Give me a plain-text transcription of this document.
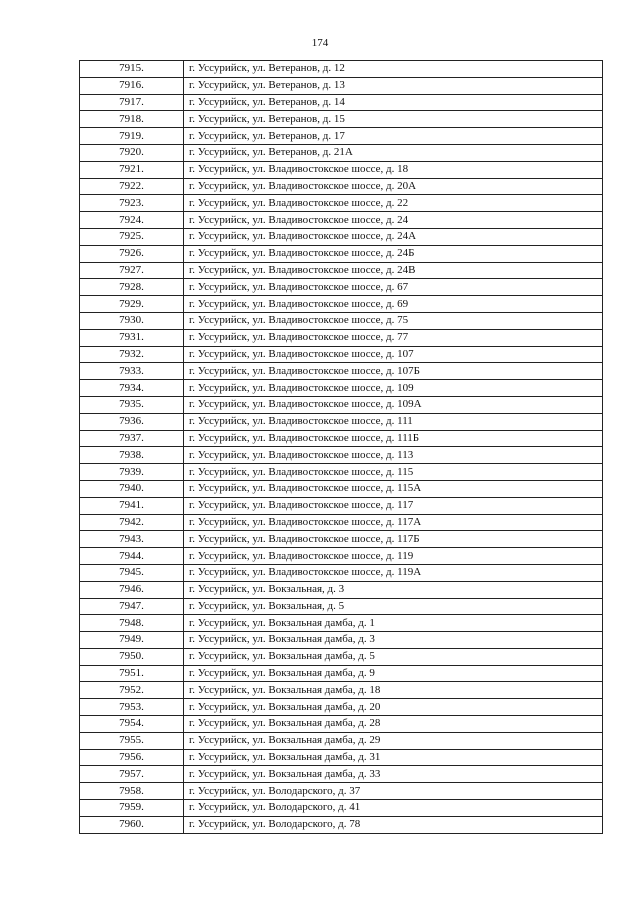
174
7915.	г. Уссурийск, ул. Ветеранов, д. 12
7916.	г. Уссурийск, ул. Ветеранов, д. 13
7917.	г. Уссурийск, ул. Ветеранов, д. 14
7918.	г. Уссурийск, ул. Ветеранов, д. 15
7919.	г. Уссурийск, ул. Ветеранов, д. 17
7920.	г. Уссурийск, ул. Ветеранов, д. 21А
7921.	г. Уссурийск, ул. Владивостокское шоссе, д. 18
7922.	г. Уссурийск, ул. Владивостокское шоссе, д. 20А
7923.	г. Уссурийск, ул. Владивостокское шоссе, д. 22
7924.	г. Уссурийск, ул. Владивостокское шоссе, д. 24
7925.	г. Уссурийск, ул. Владивостокское шоссе, д. 24А
7926.	г. Уссурийск, ул. Владивостокское шоссе, д. 24Б
7927.	г. Уссурийск, ул. Владивостокское шоссе, д. 24В
7928.	г. Уссурийск, ул. Владивостокское шоссе, д. 67
7929.	г. Уссурийск, ул. Владивостокское шоссе, д. 69
7930.	г. Уссурийск, ул. Владивостокское шоссе, д. 75
7931.	г. Уссурийск, ул. Владивостокское шоссе, д. 77
7932.	г. Уссурийск, ул. Владивостокское шоссе, д. 107
7933.	г. Уссурийск, ул. Владивостокское шоссе, д. 107Б
7934.	г. Уссурийск, ул. Владивостокское шоссе, д. 109
7935.	г. Уссурийск, ул. Владивостокское шоссе, д. 109А
7936.	г. Уссурийск, ул. Владивостокское шоссе, д. 111
7937.	г. Уссурийск, ул. Владивостокское шоссе, д. 111Б
7938.	г. Уссурийск, ул. Владивостокское шоссе, д. 113
7939.	г. Уссурийск, ул. Владивостокское шоссе, д. 115
7940.	г. Уссурийск, ул. Владивостокское шоссе, д. 115А
7941.	г. Уссурийск, ул. Владивостокское шоссе, д. 117
7942.	г. Уссурийск, ул. Владивостокское шоссе, д. 117А
7943.	г. Уссурийск, ул. Владивостокское шоссе, д. 117Б
7944.	г. Уссурийск, ул. Владивостокское шоссе, д. 119
7945.	г. Уссурийск, ул. Владивостокское шоссе, д. 119А
7946.	г. Уссурийск, ул. Вокзальная, д. 3
7947.	г. Уссурийск, ул. Вокзальная, д. 5
7948.	г. Уссурийск, ул. Вокзальная дамба, д. 1
7949.	г. Уссурийск, ул. Вокзальная дамба, д. 3
7950.	г. Уссурийск, ул. Вокзальная дамба, д. 5
7951.	г. Уссурийск, ул. Вокзальная дамба, д. 9
7952.	г. Уссурийск, ул. Вокзальная дамба, д. 18
7953.	г. Уссурийск, ул. Вокзальная дамба, д. 20
7954.	г. Уссурийск, ул. Вокзальная дамба, д. 28
7955.	г. Уссурийск, ул. Вокзальная дамба, д. 29
7956.	г. Уссурийск, ул. Вокзальная дамба, д. 31
7957.	г. Уссурийск, ул. Вокзальная дамба, д. 33
7958.	г. Уссурийск, ул. Володарского, д. 37
7959.	г. Уссурийск, ул. Володарского, д. 41
7960.	г. Уссурийск, ул. Володарского, д. 78
